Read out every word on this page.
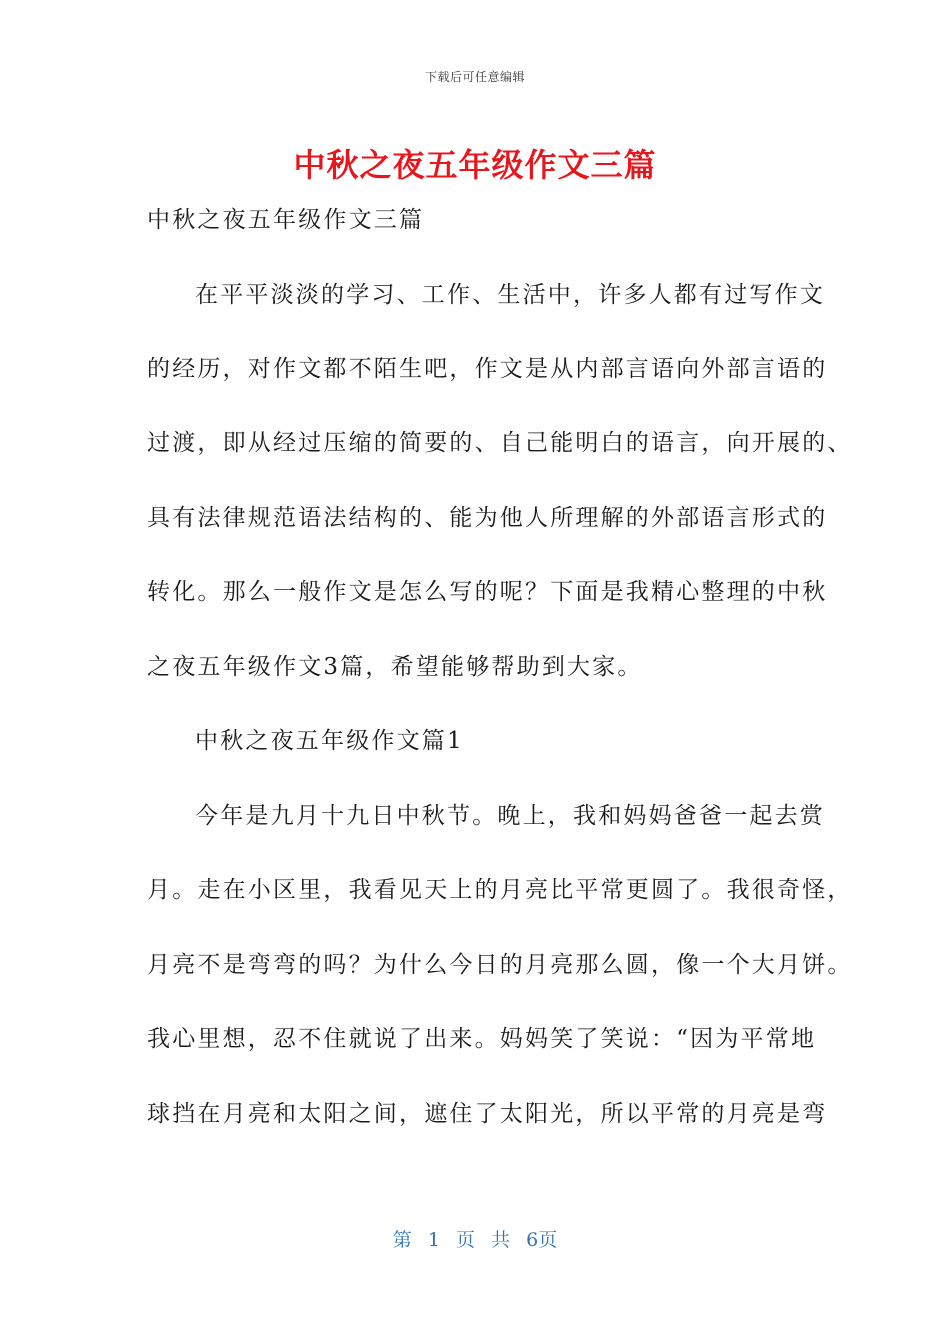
下载后可任意编辑
中秋之夜五年级作文三篇
中秋之夜五年级作文三篇
在平平淡淡的学习、工作、生活中，许多人都有过写作文
的经历，对作文都不陌生吧，作文是从内部言语向外部言语的
过渡，即从经过压缩的简要的、自己能明白的语言，向开展的、
具有法律规范语法结构的、能为他人所理解的外部语言形式的
转化。那么一般作文是怎么写的呢？下面是我精心整理的中秋
之夜五年级作文3篇，希望能够帮助到大家。
中秋之夜五年级作文篇1
今年是九月十九日中秋节。晚上，我和妈妈爸爸一起去赏
月。走在小区里，我看见天上的月亮比平常更圆了。我很奇怪，
月亮不是弯弯的吗？为什么今日的月亮那么圆，像一个大月饼。
我心里想，忍不住就说了出来。妈妈笑了笑说：“因为平常地
球挡在月亮和太阳之间，遮住了太阳光，所以平常的月亮是弯
第 1 页 共 6页
